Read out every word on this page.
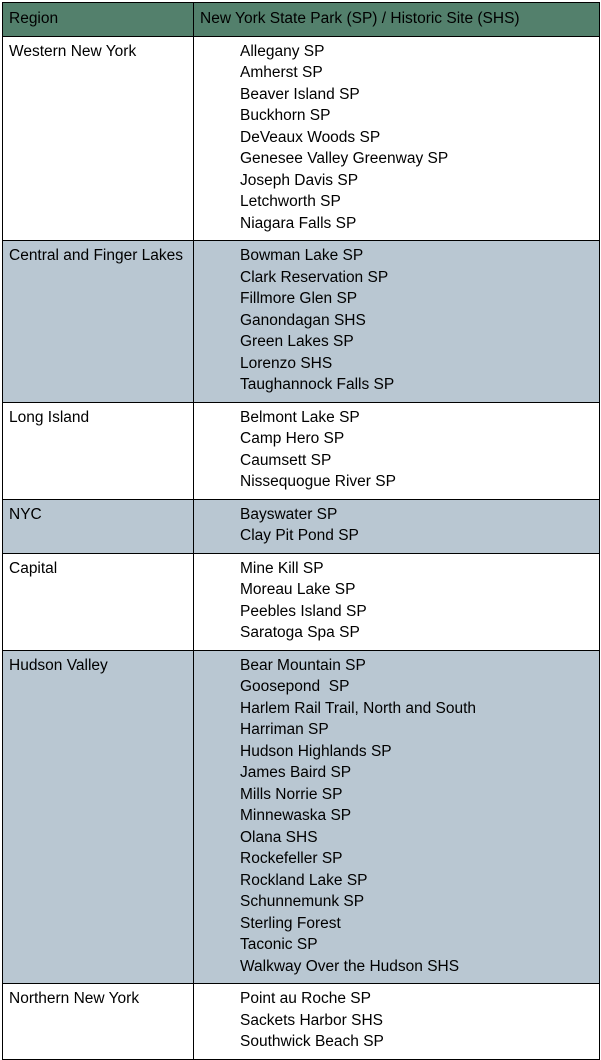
Region	New York State Park (SP) / Historic Site (SHS)

Western New York	Allegany SP
Amherst SP
Beaver Island SP
Buckhorn SP
DeVeaux Woods SP
Genesee Valley Greenway SP
Joseph Davis SP
Letchworth SP
Niagara Falls SP

Central and Finger Lakes	Bowman Lake SP
Clark Reservation SP
Fillmore Glen SP
Ganondagan SHS
Green Lakes SP
Lorenzo SHS
Taughannock Falls SP

Long Island	Belmont Lake SP
Camp Hero SP
Caumsett SP
Nissequogue River SP

NYC	Bayswater SP
Clay Pit Pond SP

Capital	Mine Kill SP
Moreau Lake SP
Peebles Island SP
Saratoga Spa SP

Hudson Valley	Bear Mountain SP
Goosepond  SP
Harlem Rail Trail, North and South
Harriman SP
Hudson Highlands SP
James Baird SP
Mills Norrie SP
Minnewaska SP
Olana SHS
Rockefeller SP
Rockland Lake SP
Schunnemunk SP
Sterling Forest
Taconic SP
Walkway Over the Hudson SHS

Northern New York	Point au Roche SP
Sackets Harbor SHS
Southwick Beach SP
